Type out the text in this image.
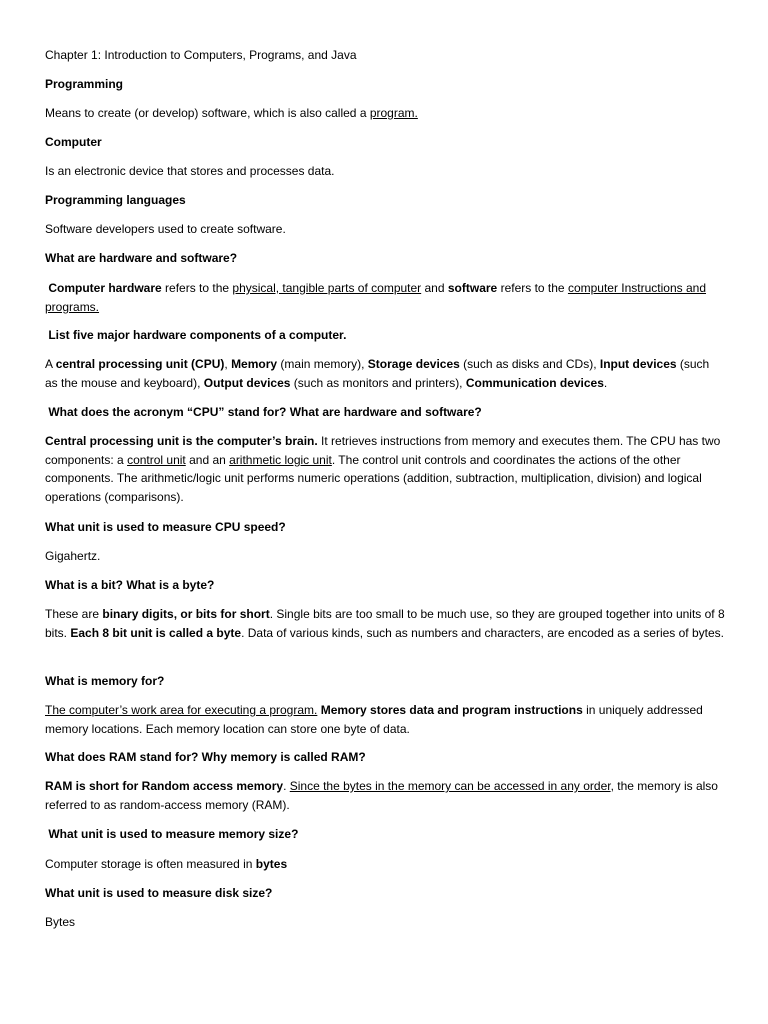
Chapter 1: Introduction to Computers, Programs, and Java

Programming

Means to create (or develop) software, which is also called a program.

Computer

Is an electronic device that stores and processes data.

Programming languages

Software developers used to create software.

What are hardware and software?

Computer hardware refers to the physical, tangible parts of computer and software refers to the computer Instructions and programs.

List five major hardware components of a computer.

A central processing unit (CPU), Memory (main memory), Storage devices (such as disks and CDs), Input devices (such as the mouse and keyboard), Output devices (such as monitors and printers), Communication devices.

What does the acronym “CPU” stand for? What are hardware and software?

Central processing unit is the computer’s brain. It retrieves instructions from memory and executes them. The CPU has two components: a control unit and an arithmetic logic unit. The control unit controls and coordinates the actions of the other components. The arithmetic/logic unit performs numeric operations (addition, subtraction, multiplication, division) and logical operations (comparisons).

What unit is used to measure CPU speed?

Gigahertz.

What is a bit? What is a byte?

These are binary digits, or bits for short. Single bits are too small to be much use, so they are grouped together into units of 8 bits. Each 8 bit unit is called a byte. Data of various kinds, such as numbers and characters, are encoded as a series of bytes.

What is memory for?

The computer’s work area for executing a program. Memory stores data and program instructions in uniquely addressed memory locations. Each memory location can store one byte of data.

What does RAM stand for? Why memory is called RAM?

RAM is short for Random access memory. Since the bytes in the memory can be accessed in any order, the memory is also referred to as random-access memory (RAM).

What unit is used to measure memory size?

Computer storage is often measured in bytes

What unit is used to measure disk size?

Bytes
